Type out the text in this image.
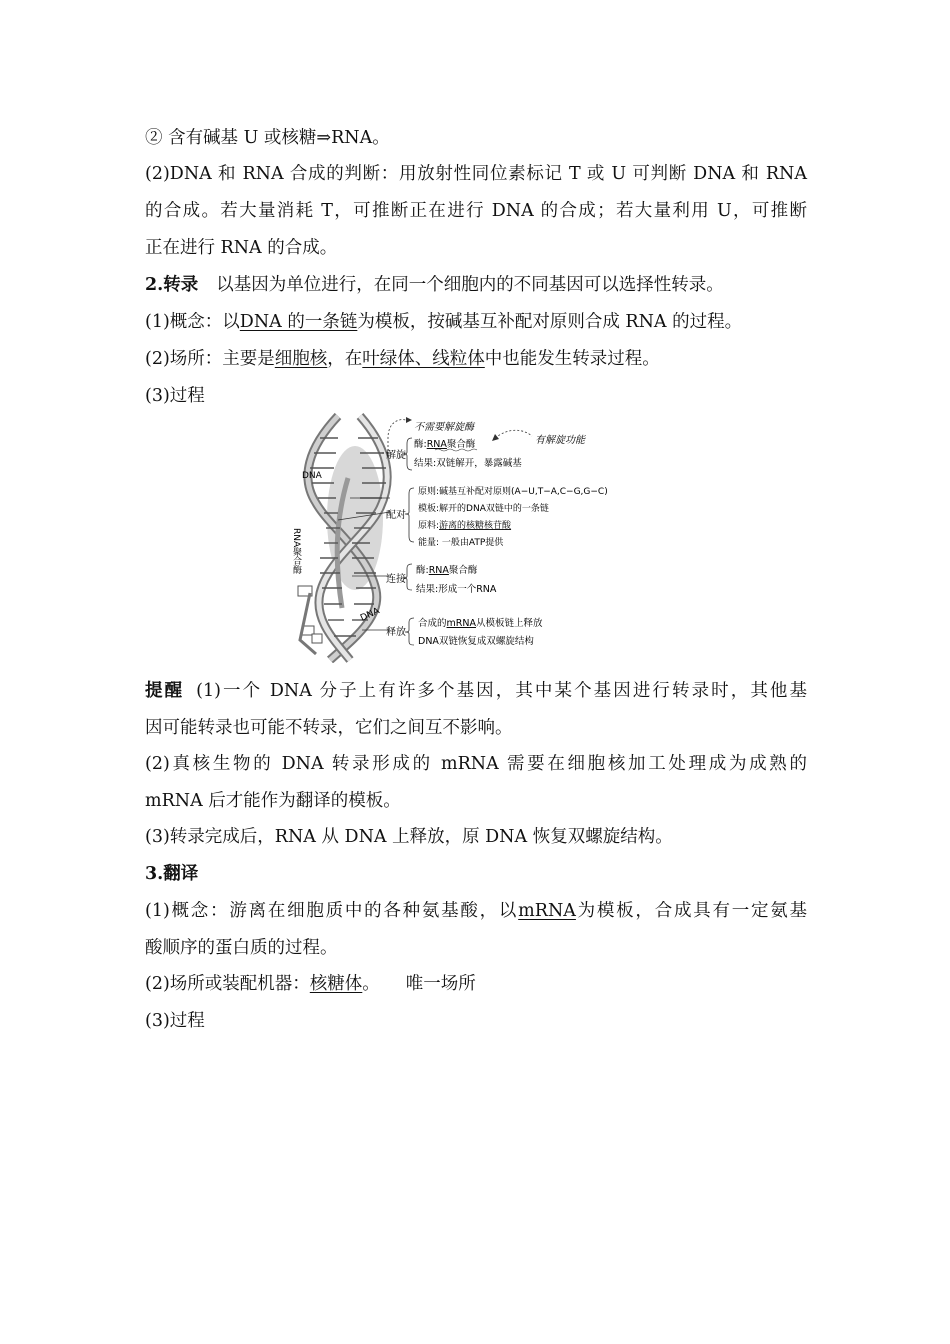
② 含有碱基 U 或核糖⇒RNA。
(2)DNA 和 RNA 合成的判断：用放射性同位素标记 T 或 U 可判断 DNA 和 RNA
的合成。若大量消耗 T，可推断正在进行 DNA 的合成；若大量利用 U，可推断
正在进行 RNA 的合成。
2.转录 以基因为单位进行，在同一个细胞内的不同基因可以选择性转录。
(1)概念：以DNA 的一条链为模板，按碱基互补配对原则合成 RNA 的过程。
(2)场所：主要是细胞核，在叶绿体、线粒体中也能发生转录过程。
(3)过程
DNA
DNA
RNA聚合酶
不需要解旋酶
有解旋功能
解旋
酶:RNA聚合酶
结果:双链解开，暴露碱基
配对
原则:碱基互补配对原则(A−U,T−A,C−G,G−C)
模板:解开的DNA双链中的一条链
原料:游离的核糖核苷酸
能量: 一般由ATP提供
连接
酶:RNA聚合酶
结果:形成一个RNA
释放
合成的mRNA从模板链上释放
DNA双链恢复成双螺旋结构
提醒 (1)一个 DNA 分子上有许多个基因，其中某个基因进行转录时，其他基
因可能转录也可能不转录，它们之间互不影响。
(2)真核生物的 DNA 转录形成的 mRNA 需要在细胞核加工处理成为成熟的
mRNA 后才能作为翻译的模板。
(3)转录完成后，RNA 从 DNA 上释放，原 DNA 恢复双螺旋结构。
3.翻译
(1)概念：游离在细胞质中的各种氨基酸，以mRNA为模板，合成具有一定氨基
酸顺序的蛋白质的过程。
(2)场所或装配机器：核糖体。 唯一场所
(3)过程
